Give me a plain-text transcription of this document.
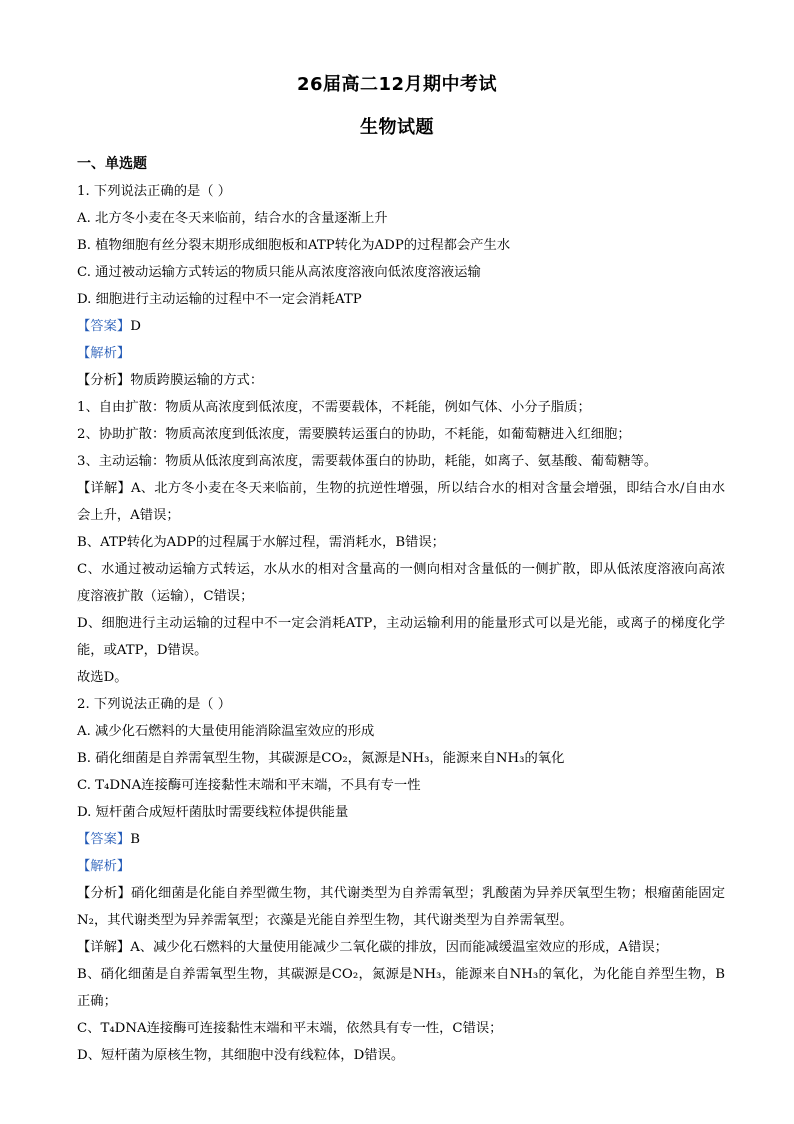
26届高二12月期中考试
生物试题

一、单选题

1. 下列说法正确的是（ ）

A. 北方冬小麦在冬天来临前，结合水的含量逐渐上升

B. 植物细胞有丝分裂末期形成细胞板和ATP转化为ADP的过程都会产生水

C. 通过被动运输方式转运的物质只能从高浓度溶液向低浓度溶液运输

D. 细胞进行主动运输的过程中不一定会消耗ATP

【答案】D

【解析】

【分析】物质跨膜运输的方式：

1、自由扩散：物质从高浓度到低浓度，不需要载体，不耗能，例如气体、小分子脂质；

2、协助扩散：物质高浓度到低浓度，需要膜转运蛋白的协助，不耗能，如葡萄糖进入红细胞；

3、主动运输：物质从低浓度到高浓度，需要载体蛋白的协助，耗能，如离子、氨基酸、葡萄糖等。

【详解】A、北方冬小麦在冬天来临前，生物的抗逆性增强，所以结合水的相对含量会增强，即结合水/自由水会上升，A错误；

B、ATP转化为ADP的过程属于水解过程，需消耗水，B错误；

C、水通过被动运输方式转运，水从水的相对含量高的一侧向相对含量低的一侧扩散，即从低浓度溶液向高浓度溶液扩散（运输），C错误；

D、细胞进行主动运输的过程中不一定会消耗ATP，主动运输利用的能量形式可以是光能，或离子的梯度化学能，或ATP，D错误。

故选D。

2. 下列说法正确的是（ ）

A. 减少化石燃料的大量使用能消除温室效应的形成

B. 硝化细菌是自养需氧型生物，其碳源是CO₂，氮源是NH₃，能源来自NH₃的氧化

C. T₄DNA连接酶可连接黏性末端和平末端，不具有专一性

D. 短杆菌合成短杆菌肽时需要线粒体提供能量

【答案】B

【解析】

【分析】硝化细菌是化能自养型微生物，其代谢类型为自养需氧型；乳酸菌为异养厌氧型生物；根瘤菌能固定N₂，其代谢类型为异养需氧型；衣藻是光能自养型生物，其代谢类型为自养需氧型。

【详解】A、减少化石燃料的大量使用能减少二氧化碳的排放，因而能减缓温室效应的形成，A错误；

B、硝化细菌是自养需氧型生物，其碳源是CO₂，氮源是NH₃，能源来自NH₃的氧化，为化能自养型生物，B正确；

C、T₄DNA连接酶可连接黏性末端和平末端，依然具有专一性，C错误；

D、短杆菌为原核生物，其细胞中没有线粒体，D错误。
